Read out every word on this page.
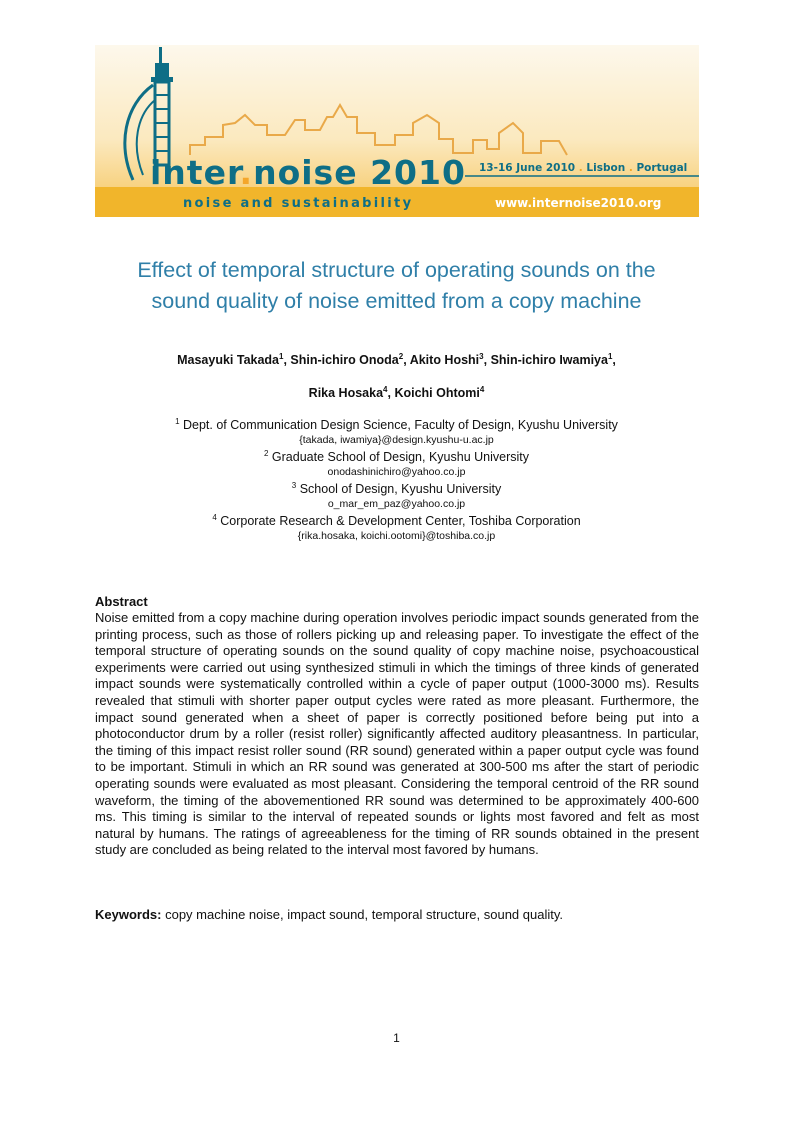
inter.noise 2010
noise and sustainability
13-16 June 2010 . Lisbon . Portugal
www.internoise2010.org
Effect of temporal structure of operating sounds on the
sound quality of noise emitted from a copy machine
Masayuki Takada$^1$, Shin-ichiro Onoda$^2$, Akito Hoshi$^3$, Shin-ichiro Iwamiya$^1$,
Rika Hosaka$^4$, Koichi Ohtomi$^4$
$^1$ Dept. of Communication Design Science, Faculty of Design, Kyushu University
{takada, iwamiya}@design.kyushu-u.ac.jp
$^2$ Graduate School of Design, Kyushu University
onodashinichiro@yahoo.co.jp
$^3$ School of Design, Kyushu University
o_mar_em_paz@yahoo.co.jp
$^4$ Corporate Research & Development Center, Toshiba Corporation
{rika.hosaka, koichi.ootomi}@toshiba.co.jp
Abstract
Noise emitted from a copy machine during operation involves periodic impact sounds generated from the printing process, such as those of rollers picking up and releasing paper. To investigate the effect of the temporal structure of operating sounds on the sound quality of copy machine noise, psychoacoustical experiments were carried out using synthesized stimuli in which the timings of three kinds of generated impact sounds were systematically controlled within a cycle of paper output (1000-3000 ms). Results revealed that stimuli with shorter paper output cycles were rated as more pleasant. Furthermore, the impact sound generated when a sheet of paper is correctly positioned before being put into a photoconductor drum by a roller (resist roller) significantly affected auditory pleasantness. In particular, the timing of this impact resist roller sound (RR sound) generated within a paper output cycle was found to be important. Stimuli in which an RR sound was generated at 300-500 ms after the start of periodic operating sounds were evaluated as most pleasant. Considering the temporal centroid of the RR sound waveform, the timing of the abovementioned RR sound was determined to be approximately 400-600 ms. This timing is similar to the interval of repeated sounds or lights most favored and felt as most natural by humans. The ratings of agreeableness for the timing of RR sounds obtained in the present study are concluded as being related to the interval most favored by humans.
Keywords: copy machine noise, impact sound, temporal structure, sound quality.
1
